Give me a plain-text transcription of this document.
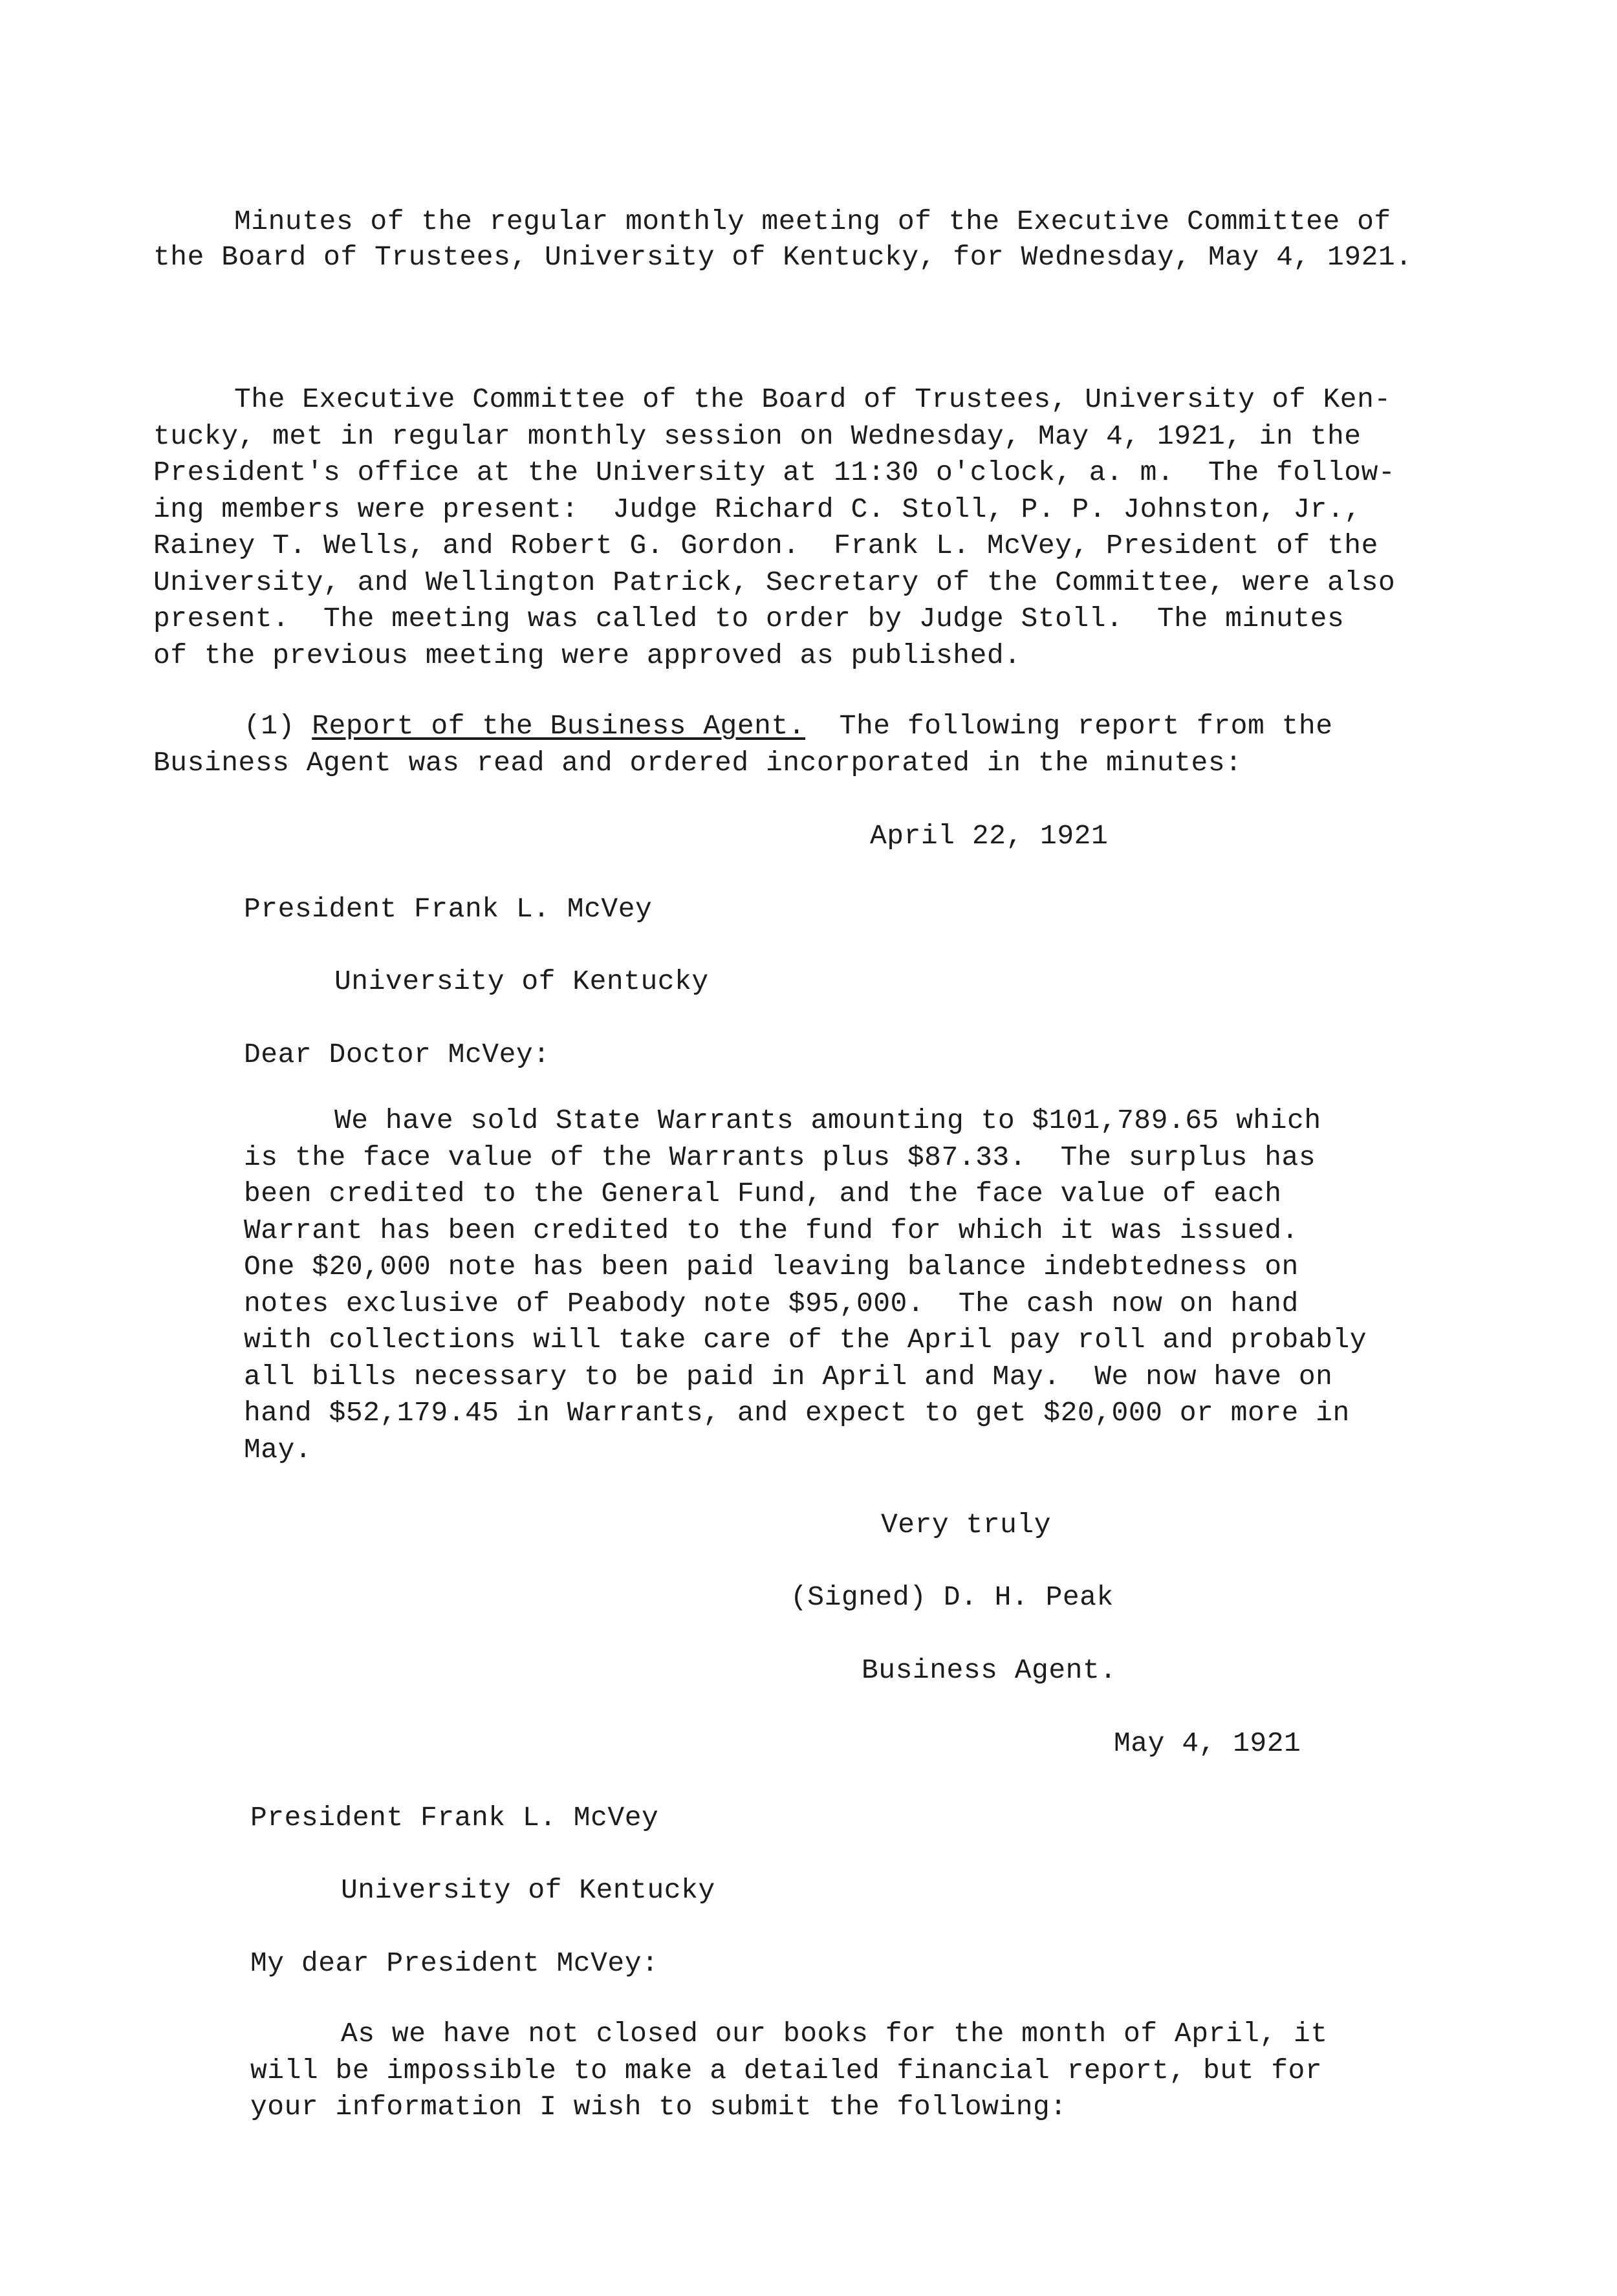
Minutes of the regular monthly meeting of the Executive Committee of
the Board of Trustees, University of Kentucky, for Wednesday, May 4, 1921.
The Executive Committee of the Board of Trustees, University of Ken-
tucky, met in regular monthly session on Wednesday, May 4, 1921, in the
President's office at the University at 11:30 o'clock, a. m.  The follow-
ing members were present:  Judge Richard C. Stoll, P. P. Johnston, Jr.,
Rainey T. Wells, and Robert G. Gordon.  Frank L. McVey, President of the
University, and Wellington Patrick, Secretary of the Committee, were also
present.  The meeting was called to order by Judge Stoll.  The minutes
of the previous meeting were approved as published.
(1) Report of the Business Agent. The following report from the
Business Agent was read and ordered incorporated in the minutes:
April 22, 1921
President Frank L. McVey
University of Kentucky
Dear Doctor McVey:
We have sold State Warrants amounting to $101,789.65 which
is the face value of the Warrants plus $87.33.  The surplus has
been credited to the General Fund, and the face value of each
Warrant has been credited to the fund for which it was issued.
One $20,000 note has been paid leaving balance indebtedness on
notes exclusive of Peabody note $95,000.  The cash now on hand
with collections will take care of the April pay roll and probably
all bills necessary to be paid in April and May.  We now have on
hand $52,179.45 in Warrants, and expect to get $20,000 or more in
May.
Very truly
(Signed) D. H. Peak
Business Agent.
May 4, 1921
President Frank L. McVey
University of Kentucky
My dear President McVey:
As we have not closed our books for the month of April, it
will be impossible to make a detailed financial report, but for
your information I wish to submit the following:
